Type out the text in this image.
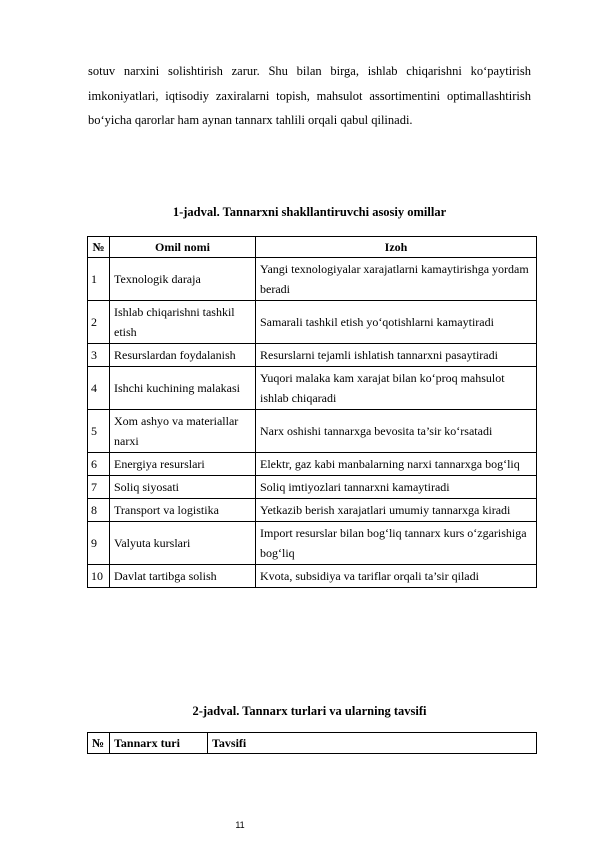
sotuv narxini solishtirish zarur. Shu bilan birga, ishlab chiqarishni ko‘paytirish imkoniyatlari, iqtisodiy zaxiralarni topish, mahsulot assortimentini optimallashtirish bo‘yicha qarorlar ham aynan tannarx tahlili orqali qabul qilinadi.
1-jadval. Tannarxni shakllantiruvchi asosiy omillar
№	Omil nomi	Izoh
1	Texnologik daraja	Yangi texnologiyalar xarajatlarni kamaytirishga yordam beradi
2	Ishlab chiqarishni tashkil etish	Samarali tashkil etish yo‘qotishlarni kamaytiradi
3	Resurslardan foydalanish	Resurslarni tejamli ishlatish tannarxni pasaytiradi
4	Ishchi kuchining malakasi	Yuqori malaka kam xarajat bilan ko‘proq mahsulot ishlab chiqaradi
5	Xom ashyo va materiallar narxi	Narx oshishi tannarxga bevosita ta’sir ko‘rsatadi
6	Energiya resurslari	Elektr, gaz kabi manbalarning narxi tannarxga bog‘liq
7	Soliq siyosati	Soliq imtiyozlari tannarxni kamaytiradi
8	Transport va logistika	Yetkazib berish xarajatlari umumiy tannarxga kiradi
9	Valyuta kurslari	Import resurslar bilan bog‘liq tannarx kurs o‘zgarishiga bog‘liq
10	Davlat tartibga solish	Kvota, subsidiya va tariflar orqali ta’sir qiladi
2-jadval. Tannarx turlari va ularning tavsifi
№	Tannarx turi	Tavsifi
11
